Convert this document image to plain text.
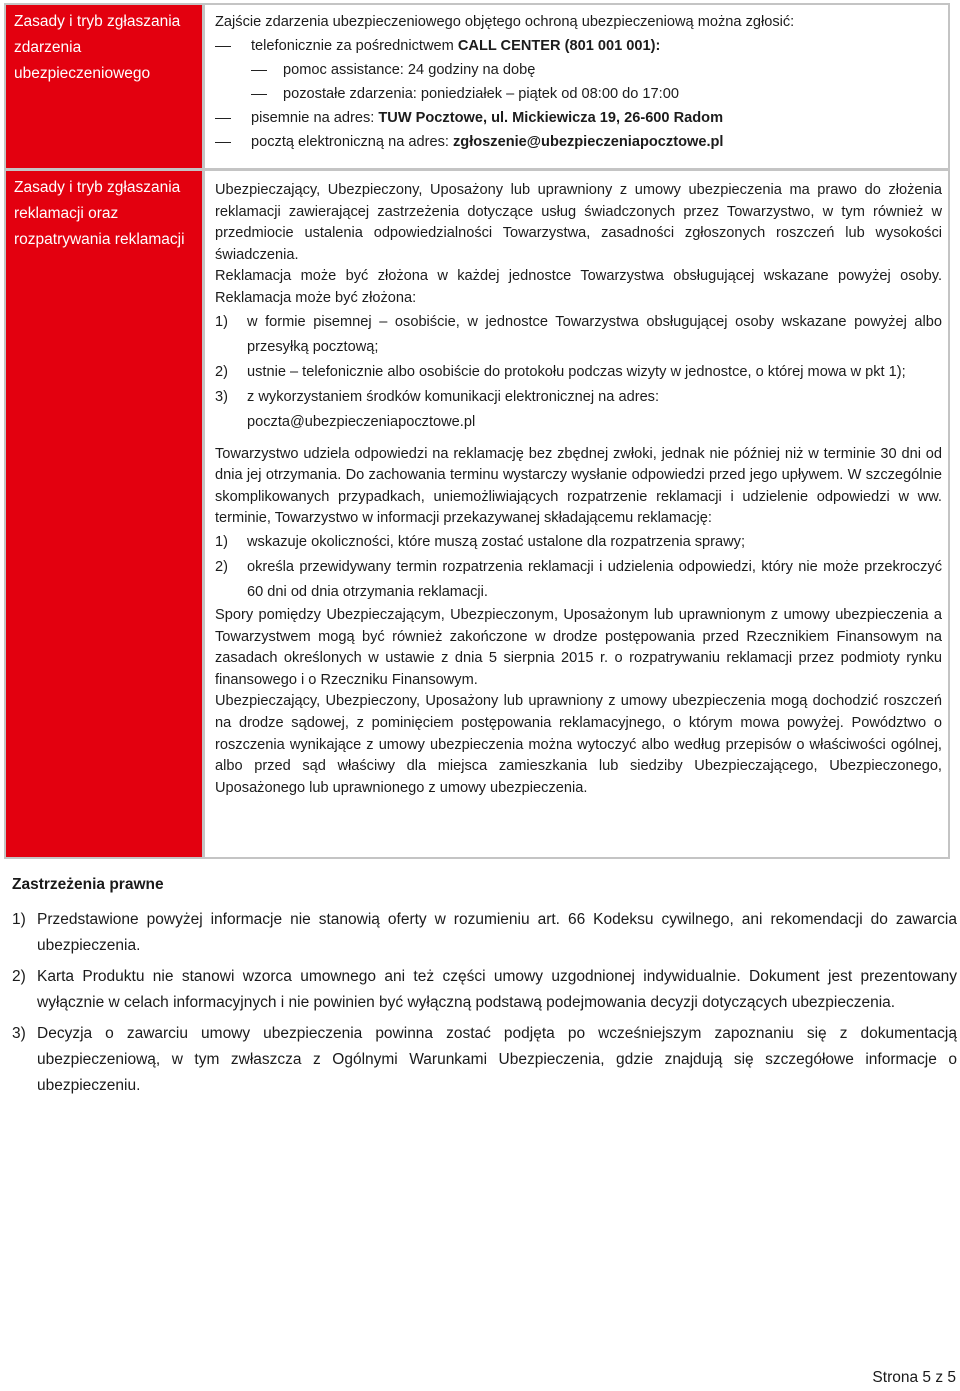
Zasady i tryb zgłaszania zdarzenia ubezpieczeniowego
Zajście zdarzenia ubezpieczeniowego objętego ochroną ubezpieczeniową można zgłosić:
telefonicznie za pośrednictwem CALL CENTER (801 001 001):
pomoc assistance: 24 godziny na dobę
pozostałe zdarzenia: poniedziałek – piątek od 08:00 do 17:00
pisemnie na adres: TUW Pocztowe, ul. Mickiewicza 19, 26-600 Radom
pocztą elektroniczną na adres: zgłoszenie@ubezpieczeniapocztowe.pl
Zasady i tryb zgłaszania reklamacji oraz rozpatrywania reklamacji

Ubezpieczający, Ubezpieczony, Uposażony lub uprawniony z umowy ubezpieczenia ma prawo do złożenia reklamacji zawierającej zastrzeżenia dotyczące usług świadczonych przez Towarzystwo, w tym również w przedmiocie ustalenia odpowiedzialności Towarzystwa, zasadności zgłoszonych roszczeń lub wysokości świadczenia.

Reklamacja może być złożona w każdej jednostce Towarzystwa obsługującej wskazane powyżej osoby. Reklamacja może być złożona:

1) w formie pisemnej – osobiście, w jednostce Towarzystwa obsługującej osoby wskazane powyżej albo przesyłką pocztową;
2) ustnie – telefonicznie albo osobiście do protokołu podczas wizyty w jednostce, o której mowa w pkt 1);
3) z wykorzystaniem środków komunikacji elektronicznej na adres:
poczta@ubezpieczeniapocztowe.pl

Towarzystwo udziela odpowiedzi na reklamację bez zbędnej zwłoki, jednak nie później niż w terminie 30 dni od dnia jej otrzymania. Do zachowania terminu wystarczy wysłanie odpowiedzi przed jego upływem. W szczególnie skomplikowanych przypadkach, uniemożliwiających rozpatrzenie reklamacji i udzielenie odpowiedzi w ww. terminie, Towarzystwo w informacji przekazywanej składającemu reklamację:

1) wskazuje okoliczności, które muszą zostać ustalone dla rozpatrzenia sprawy;
2) określa przewidywany termin rozpatrzenia reklamacji i udzielenia odpowiedzi, który nie może przekroczyć 60 dni od dnia otrzymania reklamacji.

Spory pomiędzy Ubezpieczającym, Ubezpieczonym, Uposażonym lub uprawnionym z umowy ubezpieczenia a Towarzystwem mogą być również zakończone w drodze postępowania przed Rzecznikiem Finansowym na zasadach określonych w ustawie z dnia 5 sierpnia 2015 r. o rozpatrywaniu reklamacji przez podmioty rynku finansowego i o Rzeczniku Finansowym.

Ubezpieczający, Ubezpieczony, Uposażony lub uprawniony z umowy ubezpieczenia mogą dochodzić roszczeń na drodze sądowej, z pominięciem postępowania reklamacyjnego, o którym mowa powyżej. Powództwo o roszczenia wynikające z umowy ubezpieczenia można wytoczyć albo według przepisów o właściwości ogólnej, albo przed sąd właściwy dla miejsca zamieszkania lub siedziby Ubezpieczającego, Ubezpieczonego, Uposażonego lub uprawnionego z umowy ubezpieczenia.

Zastrzeżenia prawne
1) Przedstawione powyżej informacje nie stanowią oferty w rozumieniu art. 66 Kodeksu cywilnego, ani rekomendacji do zawarcia ubezpieczenia.
2) Karta Produktu nie stanowi wzorca umownego ani też części umowy uzgodnionej indywidualnie. Dokument jest prezentowany wyłącznie w celach informacyjnych i nie powinien być wyłączną podstawą podejmowania decyzji dotyczących ubezpieczenia.
3) Decyzja o zawarciu umowy ubezpieczenia powinna zostać podjęta po wcześniejszym zapoznaniu się z dokumentacją ubezpieczeniową, w tym zwłaszcza z Ogólnymi Warunkami Ubezpieczenia, gdzie znajdują się szczegółowe informacje o ubezpieczeniu.
Strona 5 z 5
